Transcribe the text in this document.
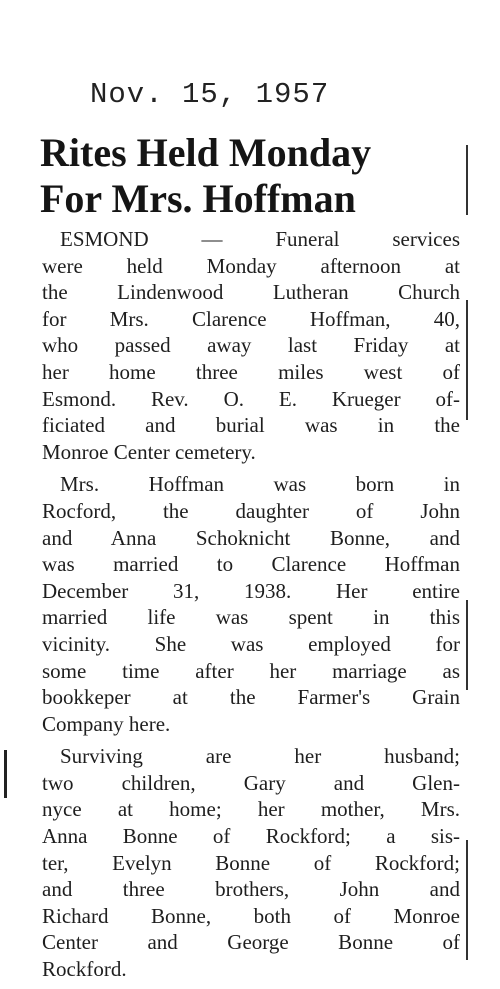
Nov. 15, 1957
Rites Held Monday
For Mrs. Hoffman

ESMOND — Funeral services
were held Monday afternoon at
the Lindenwood Lutheran Church
for Mrs. Clarence Hoffman, 40,
who passed away last Friday at
her home three miles west of
Esmond. Rev. O. E. Krueger of-
ficiated and burial was in the
Monroe Center cemetery.

Mrs. Hoffman was born in
Rocford, the daughter of John
and Anna Schoknicht Bonne, and
was married to Clarence Hoffman
December 31, 1938. Her entire
married life was spent in this
vicinity. She was employed for
some time after her marriage as
bookkeper at the Farmer's Grain
Company here.

Surviving are her husband;
two children, Gary and Glen-
nyce at home; her mother, Mrs.
Anna Bonne of Rockford; a sis-
ter, Evelyn Bonne of Rockford;
and three brothers, John and
Richard Bonne, both of Monroe
Center and George Bonne of
Rockford.
